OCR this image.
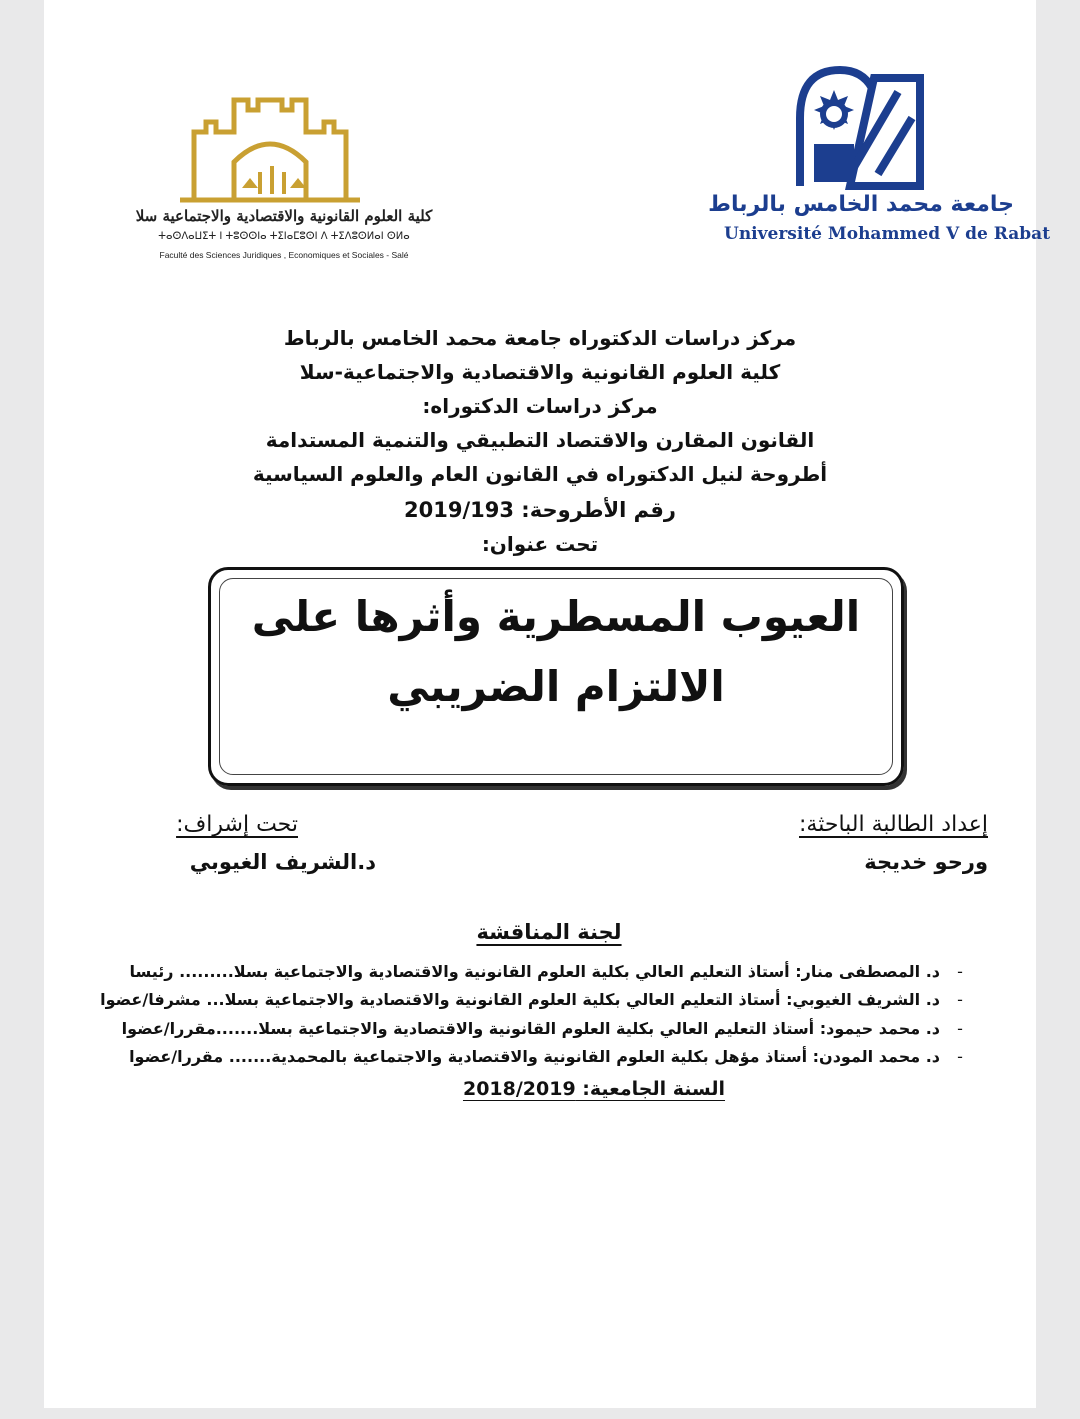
كلية العلوم القانونية والاقتصادية والاجتماعية سلا
ⵜⴰⵙⴷⴰⵡⵉⵜ ⵏ ⵜⵓⵙⵙⵏⴰ ⵜⵉⵏⴰⵎⵓⵙⵏ ⴷ ⵜⵉⴷⵓⵙⵍⴰⵏ ⵙⵍⴰ
Faculté des Sciences Juridiques , Economiques et Sociales - Salé
جامعة محمد الخامس بالرباط
Université Mohammed V de Rabat
مركز دراسات الدكتوراه جامعة محمد الخامس بالرباط
كلية العلوم القانونية والاقتصادية والاجتماعية-سلا
مركز دراسات الدكتوراه:
القانون المقارن والاقتصاد التطبيقي والتنمية المستدامة
أطروحة لنيل الدكتوراه في القانون العام والعلوم السياسية
رقم الأطروحة: 2019/193
تحت عنوان:
العيوب المسطرية وأثرها على
الالتزام الضريبي
إعداد الطالبة الباحثة:
ورحو خديجة
تحت إشراف:
د.الشريف الغيوبي
لجنة المناقشة
-د. المصطفى منار: أستاذ التعليم العالي بكلية العلوم القانونية والاقتصادية والاجتماعية بسلا......... رئيسا
-د. الشريف الغيوبي: أستاذ التعليم العالي بكلية العلوم القانونية والاقتصادية والاجتماعية بسلا... مشرفا/عضوا
-د. محمد حيمود: أستاذ التعليم العالي بكلية العلوم القانونية والاقتصادية والاجتماعية بسلا.......مقررا/عضوا
-د. محمد المودن: أستاذ مؤهل بكلية العلوم القانونية والاقتصادية والاجتماعية بالمحمدية....... مقررا/عضوا
السنة الجامعية: 2018/2019
